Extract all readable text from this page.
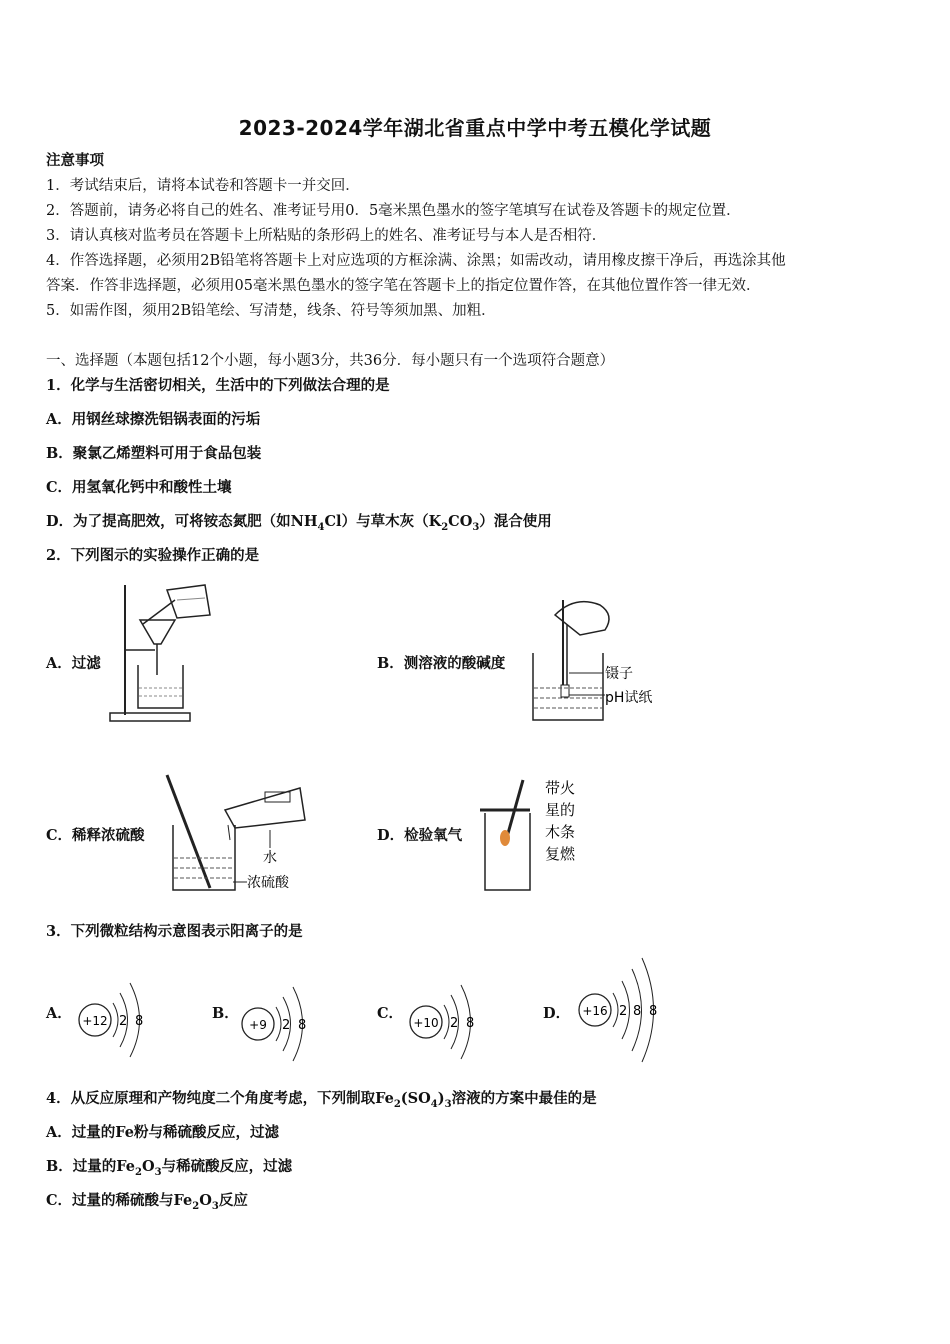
2023-2024学年湖北省重点中学中考五模化学试题
注意事项
1．考试结束后，请将本试卷和答题卡一并交回．
2．答题前，请务必将自己的姓名、准考证号用0．5毫米黑色墨水的签字笔填写在试卷及答题卡的规定位置．
3．请认真核对监考员在答题卡上所粘贴的条形码上的姓名、准考证号与本人是否相符．
4．作答选择题，必须用2B铅笔将答题卡上对应选项的方框涂满、涂黑；如需改动，请用橡皮擦干净后，再选涂其他
答案．作答非选择题，必须用05毫米黑色墨水的签字笔在答题卡上的指定位置作答，在其他位置作答一律无效．
5．如需作图，须用2B铅笔绘、写清楚，线条、符号等须加黑、加粗．
一、选择题（本题包括12个小题，每小题3分，共36分．每小题只有一个选项符合题意）
1．化学与生活密切相关，生活中的下列做法合理的是
A．用钢丝球擦洗铝锅表面的污垢
B．聚氯乙烯塑料可用于食品包装
C．用氢氧化钙中和酸性土壤
D．为了提高肥效，可将铵态氮肥（如$NH_4Cl$）与草木灰$(K_2CO_3)$混合使用
2．下列图示的实验操作正确的是
A．过滤	B．测溶液的酸碱度
镊子
pH试纸
C．稀释浓硫酸
水
浓硫酸
D．检验氧气
带火
星的
木条
复燃
3．下列微粒结构示意图表示阳离子的是
A． +12 2 8	B．
+9 2 8
C．
+10 2 8
D． +16 2 8 8
4．从反应原理和产物纯度二个角度考虑，下列制取$Fe_2(SO_4)_3$溶液的方案中最佳的是
A．过量的Fe粉与稀硫酸反应，过滤
B．过量的$Fe_2O_3$与稀硫酸反应，过滤
C．过量的稀硫酸与$Fe_2O_3$反应
